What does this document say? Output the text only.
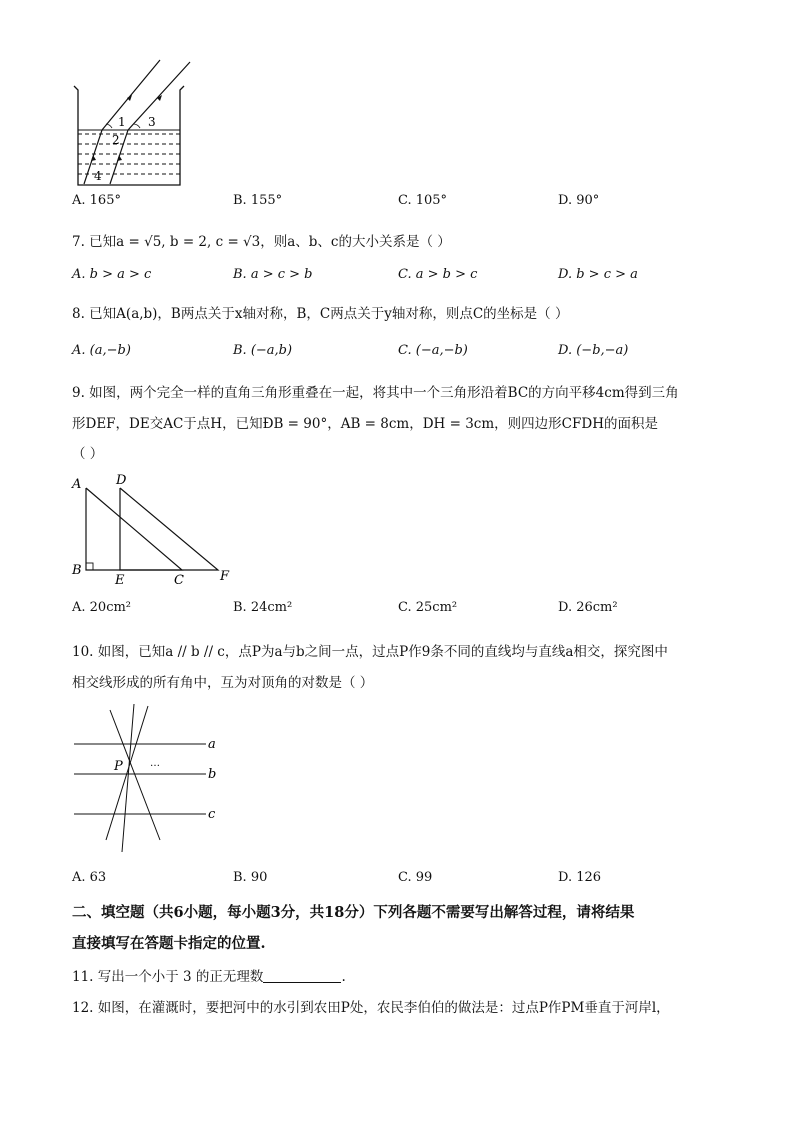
1
2
3
4
A. 165°	B. 155°	C. 105°	D. 90°
7. 已知a = √5, b = 2, c = √3，则a、b、c的大小关系是（ ）
A. b > a > c	B. a > c > b	C. a > b > c	D. b > c > a
8. 已知A(a,b)，B两点关于x轴对称，B，C两点关于y轴对称，则点C的坐标是（ ）
A. (a,−b)	B. (−a,b)	C. (−a,−b)	D. (−b,−a)
9. 如图，两个完全一样的直角三角形重叠在一起，将其中一个三角形沿着BC的方向平移4cm得到三角
形DEF，DE交AC于点H，已知ÐB = 90°，AB = 8cm，DH = 3cm，则四边形CFDH的面积是
（ ）
A	D
B
E	C	F
A. 20cm²	B. 24cm²	C. 25cm²	D. 26cm²
10. 如图，已知a // b // c，点P为a与b之间一点，过点P作9条不同的直线均与直线a相交，探究图中
相交线形成的所有角中，互为对顶角的对数是（ ）
a
b
c
P	…
A. 63	B. 90	C. 99	D. 126
二、填空题（共6小题，每小题3分，共18分）下列各题不需要写出解答过程，请将结果
直接填写在答题卡指定的位置.
11. 写出一个小于 3 的正无理数	.
12. 如图，在灌溉时，要把河中的水引到农田P处，农民李伯伯的做法是：过点P作PM垂直于河岸l，
